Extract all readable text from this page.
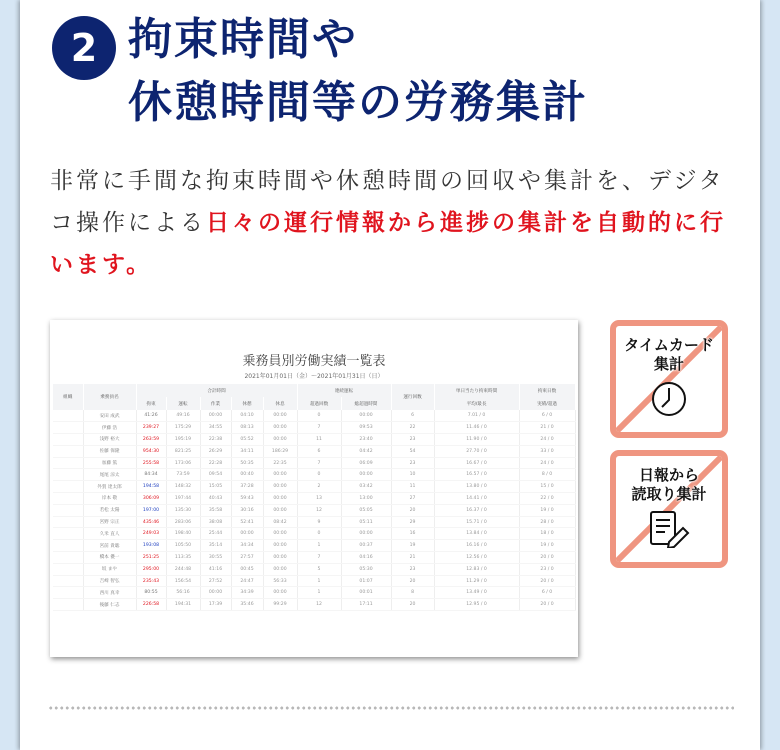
2 拘束時間や
休憩時間等の労務集計
非常に手間な拘束時間や休憩時間の回収や集計を、デジタコ操作による日々の運行情報から進捗の集計を自動的に行います。
乗務員別労働実績一覧表
2021年01月01日（金）～2021年01月31日（日）
組織	乗務員名	合計時間					連続運転		運行回数	単日当たり拘束時間	拘束日数
		拘束	運転	作業	休憩	休息	超過回数	総超過時間		平均/最長	実績/超過
	安田 成武	41:26	49:16	00:00	04:10	00:00	0	00:00	6	7.01 / 0	6 / 0
	伊藤 浩	239:27	175:29	34:55	08:13	00:00	7	09:53	22	11.46 / 0	21 / 0
	浅野 裕大	263:59	195:19	22:38	05:52	00:00	11	23:40	23	11.90 / 0	24 / 0
	佐藤 保隆	954:30	821:25	26:29	34:11	186:29	6	04:42	54	27.70 / 0	33 / 0
	加藤 篤	255:58	173:06	22:28	50:35	22:35	7	06:09	23	16.67 / 0	24 / 0
	尾尾 涼太	84:34	73:59	09:54	00:40	00:00	0	00:00	10	16.57 / 0	8 / 0
	外賀 達太郎	194:58	148:32	15:05	37:28	00:00	2	03:42	11	13.80 / 0	15 / 0
	岸本 敬	306:09	197:44	40:43	59:43	00:00	13	13:00	27	14.41 / 0	22 / 0
	若松 太陽	197:00	135:30	35:58	30:16	00:00	12	05:05	20	16.37 / 0	19 / 0
	宮野 宗正	435:46	283:06	38:08	52:41	08:42	9	05:11	29	15.71 / 0	28 / 0
	久米 直人	249:03	198:40	25:44	00:00	00:00	0	00:00	16	13.84 / 0	18 / 0
	宮前 貴聡	193:08	105:50	35:14	34:34	00:00	1	00:37	19	16.16 / 0	19 / 0
	橋本 優一	251:25	113:35	30:55	27:57	00:00	7	04:16	21	12.56 / 0	20 / 0
	坂 まや	295:00	244:48	41:16	00:45	00:00	5	05:30	23	12.83 / 0	23 / 0
	吉崎 智弘	235:43	156:54	27:52	24:47	56:33	1	01:07	20	11.29 / 0	20 / 0
	西川 真幸	80:55	56:16	00:00	34:39	00:00	1	00:01	8	13.49 / 0	6 / 0
	後藤 仁志	226:58	194:31	17:39	35:46	99:29	12	17:11	20	12.95 / 0	20 / 0
タイムカード
集計
日報から
読取り集計
